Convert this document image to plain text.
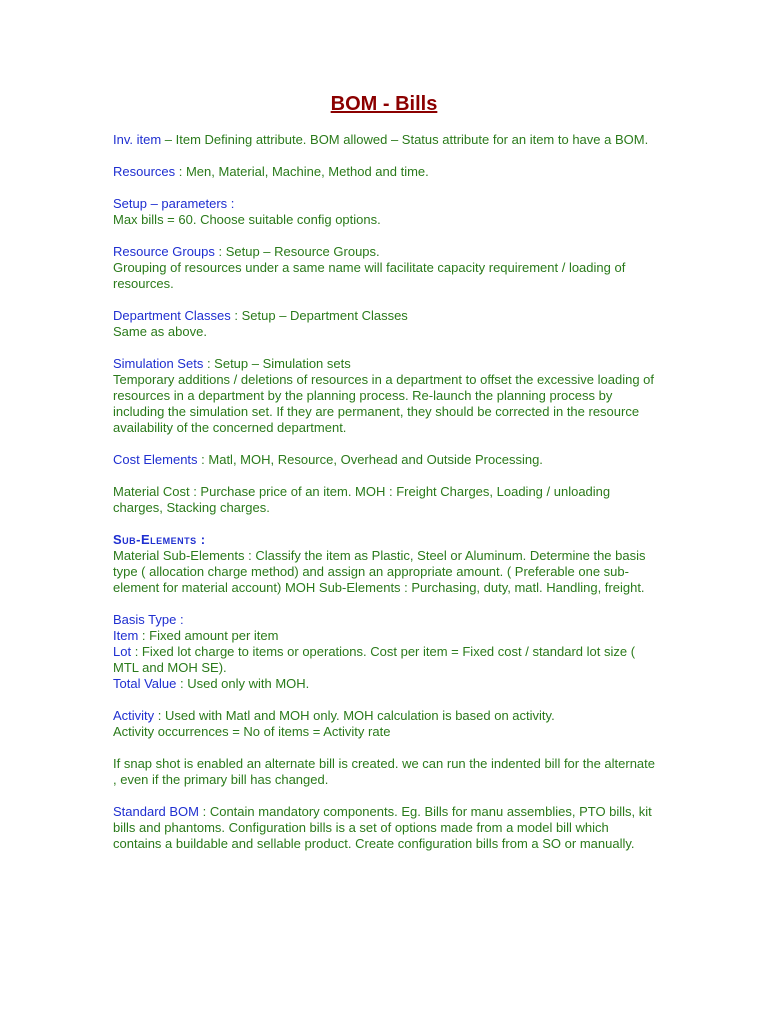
BOM - Bills

Inv. item – Item Defining attribute. BOM allowed – Status attribute for an item to have a BOM.

Resources : Men, Material, Machine, Method and time.

Setup – parameters :
Max bills = 60. Choose suitable config options.

Resource Groups : Setup – Resource Groups.
Grouping of resources under a same name will facilitate capacity requirement / loading of resources.

Department Classes : Setup – Department Classes
Same as above.

Simulation Sets : Setup – Simulation sets
Temporary additions / deletions of resources in a department to offset the excessive loading of resources in a department by the planning process. Re-launch the planning process by including the simulation set. If they are permanent, they should be corrected in the resource availability of the concerned department.

Cost Elements : Matl, MOH, Resource, Overhead and Outside Processing.

Material Cost : Purchase price of an item. MOH : Freight Charges, Loading / unloading charges, Stacking charges.

Sub-Elements :
Material Sub-Elements : Classify the item as Plastic, Steel or Aluminum. Determine the basis type ( allocation charge method) and assign an appropriate amount. ( Preferable one sub-element for material account) MOH Sub-Elements : Purchasing, duty, matl. Handling, freight.

Basis Type :
Item : Fixed amount per item
Lot : Fixed lot charge to items or operations. Cost per item = Fixed cost / standard lot size ( MTL and MOH SE).
Total Value : Used only with MOH.

Activity : Used with Matl and MOH only. MOH calculation is based on activity.
Activity occurrences = No of items = Activity rate

If snap shot is enabled an alternate bill is created. we can run the indented bill for the alternate , even if the primary bill has changed.

Standard BOM : Contain mandatory components. Eg. Bills for manu assemblies, PTO bills, kit bills and phantoms. Configuration bills is a set of options made from a model bill which contains a buildable and sellable product. Create configuration bills from a SO or manually.
